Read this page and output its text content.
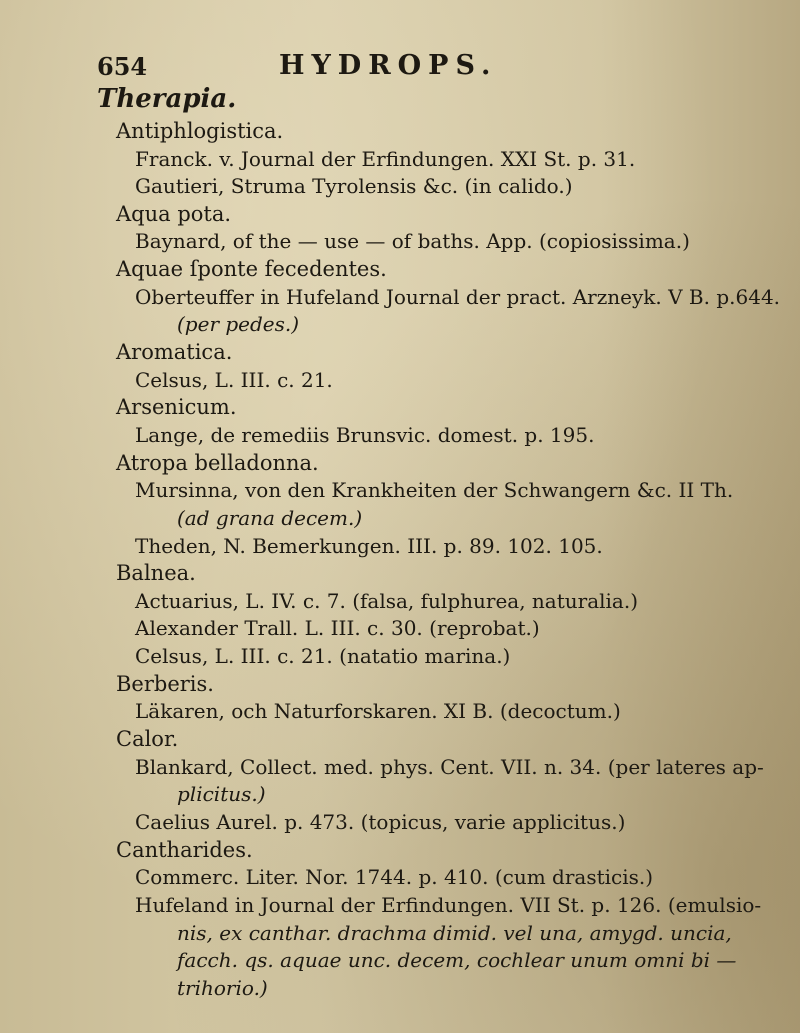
654	HYDROPS.
Therapia.
Antiphlogistica.
Franck. v. Journal der Erfindungen. XXI St. p. 31.
Gautieri, Struma Tyrolensis &c. (in calido.)
Aqua pota.
Baynard, of the — use — of baths. App. (copiosissima.)
Aquae ſponte fecedentes.
Oberteuffer in Hufeland Journal der pract. Arzneyk. V B. p.644.
(per pedes.)
Aromatica.
Celsus, L. III. c. 21.
Arsenicum.
Lange, de remediis Brunsvic. domest. p. 195.
Atropa belladonna.
Mursinna, von den Krankheiten der Schwangern &c. II Th.
(ad grana decem.)
Theden, N. Bemerkungen. III. p. 89. 102. 105.
Balnea.
Actuarius, L. IV. c. 7. (falsa, fulphurea, naturalia.)
Alexander Trall. L. III. c. 30. (reprobat.)
Celsus, L. III. c. 21. (natatio marina.)
Berberis.
Läkaren, och Naturforskaren. XI B. (decoctum.)
Calor.
Blankard, Collect. med. phys. Cent. VII. n. 34. (per lateres ap-
plicitus.)
Caelius Aurel. p. 473. (topicus, varie applicitus.)
Cantharides.
Commerc. Liter. Nor. 1744. p. 410. (cum drasticis.)
Hufeland in Journal der Erfindungen. VII St. p. 126. (emulsio-
nis, ex canthar. drachma dimid. vel una, amygd. uncia,
facch. qs. aquae unc. decem, cochlear unum omni bi —
trihorio.)
